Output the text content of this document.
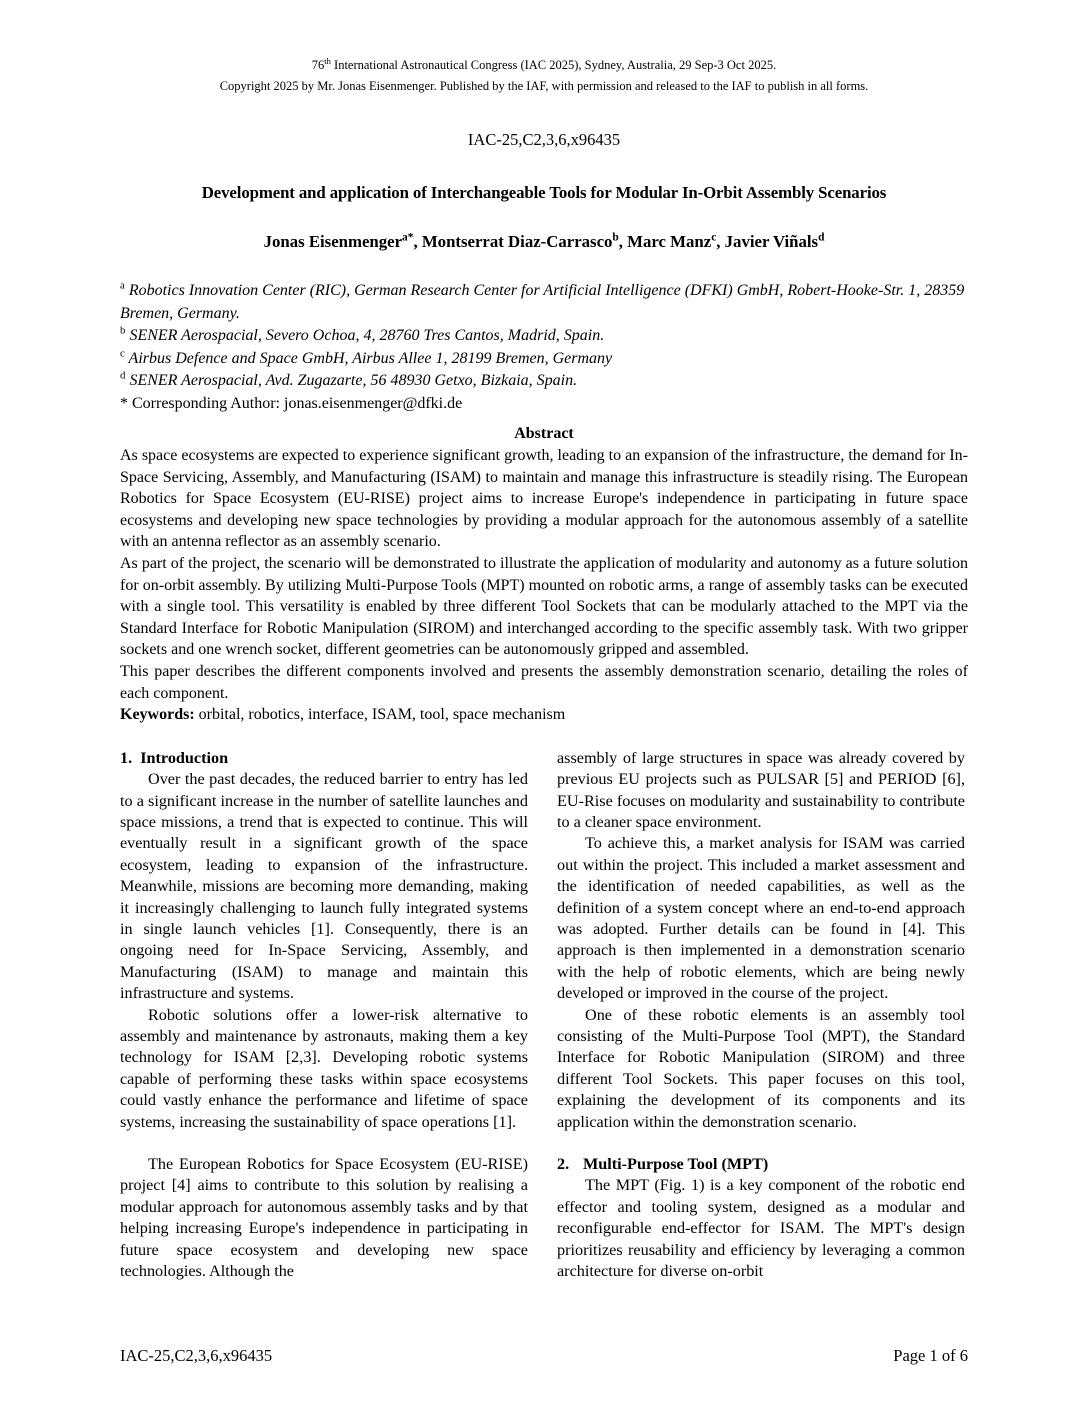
76th International Astronautical Congress (IAC 2025), Sydney, Australia, 29 Sep-3 Oct 2025.
Copyright 2025 by Mr. Jonas Eisenmenger. Published by the IAF, with permission and released to the IAF to publish in all forms.
IAC-25,C2,3,6,x96435
Development and application of Interchangeable Tools for Modular In-Orbit Assembly Scenarios
Jonas Eisenmenger$^{a*}$, Montserrat Diaz-Carrasco$^b$, Marc Manz$^c$, Javier Viñals$^d$
$^a$ Robotics Innovation Center (RIC), German Research Center for Artificial Intelligence (DFKI) GmbH, Robert-Hooke-Str. 1, 28359 Bremen, Germany.
$^b$ SENER Aerospacial, Severo Ochoa, 4, 28760 Tres Cantos, Madrid, Spain.
$^c$ Airbus Defence and Space GmbH, Airbus Allee 1, 28199 Bremen, Germany
$^d$ SENER Aerospacial, Avd. Zugazarte, 56 48930 Getxo, Bizkaia, Spain.
* Corresponding Author: jonas.eisenmenger@dfki.de
Abstract

As space ecosystems are expected to experience significant growth, leading to an expansion of the infrastructure, the demand for In-Space Servicing, Assembly, and Manufacturing (ISAM) to maintain and manage this infrastructure is steadily rising. The European Robotics for Space Ecosystem (EU-RISE) project aims to increase Europe's independence in participating in future space ecosystems and developing new space technologies by providing a modular approach for the autonomous assembly of a satellite with an antenna reflector as an assembly scenario.

As part of the project, the scenario will be demonstrated to illustrate the application of modularity and autonomy as a future solution for on-orbit assembly. By utilizing Multi-Purpose Tools (MPT) mounted on robotic arms, a range of assembly tasks can be executed with a single tool. This versatility is enabled by three different Tool Sockets that can be modularly attached to the MPT via the Standard Interface for Robotic Manipulation (SIROM) and interchanged according to the specific assembly task. With two gripper sockets and one wrench socket, different geometries can be autonomously gripped and assembled.

This paper describes the different components involved and presents the assembly demonstration scenario, detailing the roles of each component.

Keywords: orbital, robotics, interface, ISAM, tool, space mechanism

1. Introduction

Over the past decades, the reduced barrier to entry has led to a significant increase in the number of satellite launches and space missions, a trend that is expected to continue. This will eventually result in a significant growth of the space ecosystem, leading to expansion of the infrastructure. Meanwhile, missions are becoming more demanding, making it increasingly challenging to launch fully integrated systems in single launch vehicles [1]. Consequently, there is an ongoing need for In-Space Servicing, Assembly, and Manufacturing (ISAM) to manage and maintain this infrastructure and systems.

Robotic solutions offer a lower-risk alternative to assembly and maintenance by astronauts, making them a key technology for ISAM [2,3]. Developing robotic systems capable of performing these tasks within space ecosystems could vastly enhance the performance and lifetime of space systems, increasing the sustainability of space operations [1].

The European Robotics for Space Ecosystem (EU-RISE) project [4] aims to contribute to this solution by realising a modular approach for autonomous assembly tasks and by that helping increasing Europe's independence in participating in future space ecosystem and developing new space technologies. Although the

assembly of large structures in space was already covered by previous EU projects such as PULSAR [5] and PERIOD [6], EU-Rise focuses on modularity and sustainability to contribute to a cleaner space environment.

To achieve this, a market analysis for ISAM was carried out within the project. This included a market assessment and the identification of needed capabilities, as well as the definition of a system concept where an end-to-end approach was adopted. Further details can be found in [4]. This approach is then implemented in a demonstration scenario with the help of robotic elements, which are being newly developed or improved in the course of the project.

One of these robotic elements is an assembly tool consisting of the Multi-Purpose Tool (MPT), the Standard Interface for Robotic Manipulation (SIROM) and three different Tool Sockets. This paper focuses on this tool, explaining the development of its components and its application within the demonstration scenario.

2. Multi-Purpose Tool (MPT)

The MPT (Fig. 1) is a key component of the robotic end effector and tooling system, designed as a modular and reconfigurable end-effector for ISAM. The MPT's design prioritizes reusability and efficiency by leveraging a common architecture for diverse on-orbit

IAC-25,C2,3,6,x96435	Page 1 of 6
